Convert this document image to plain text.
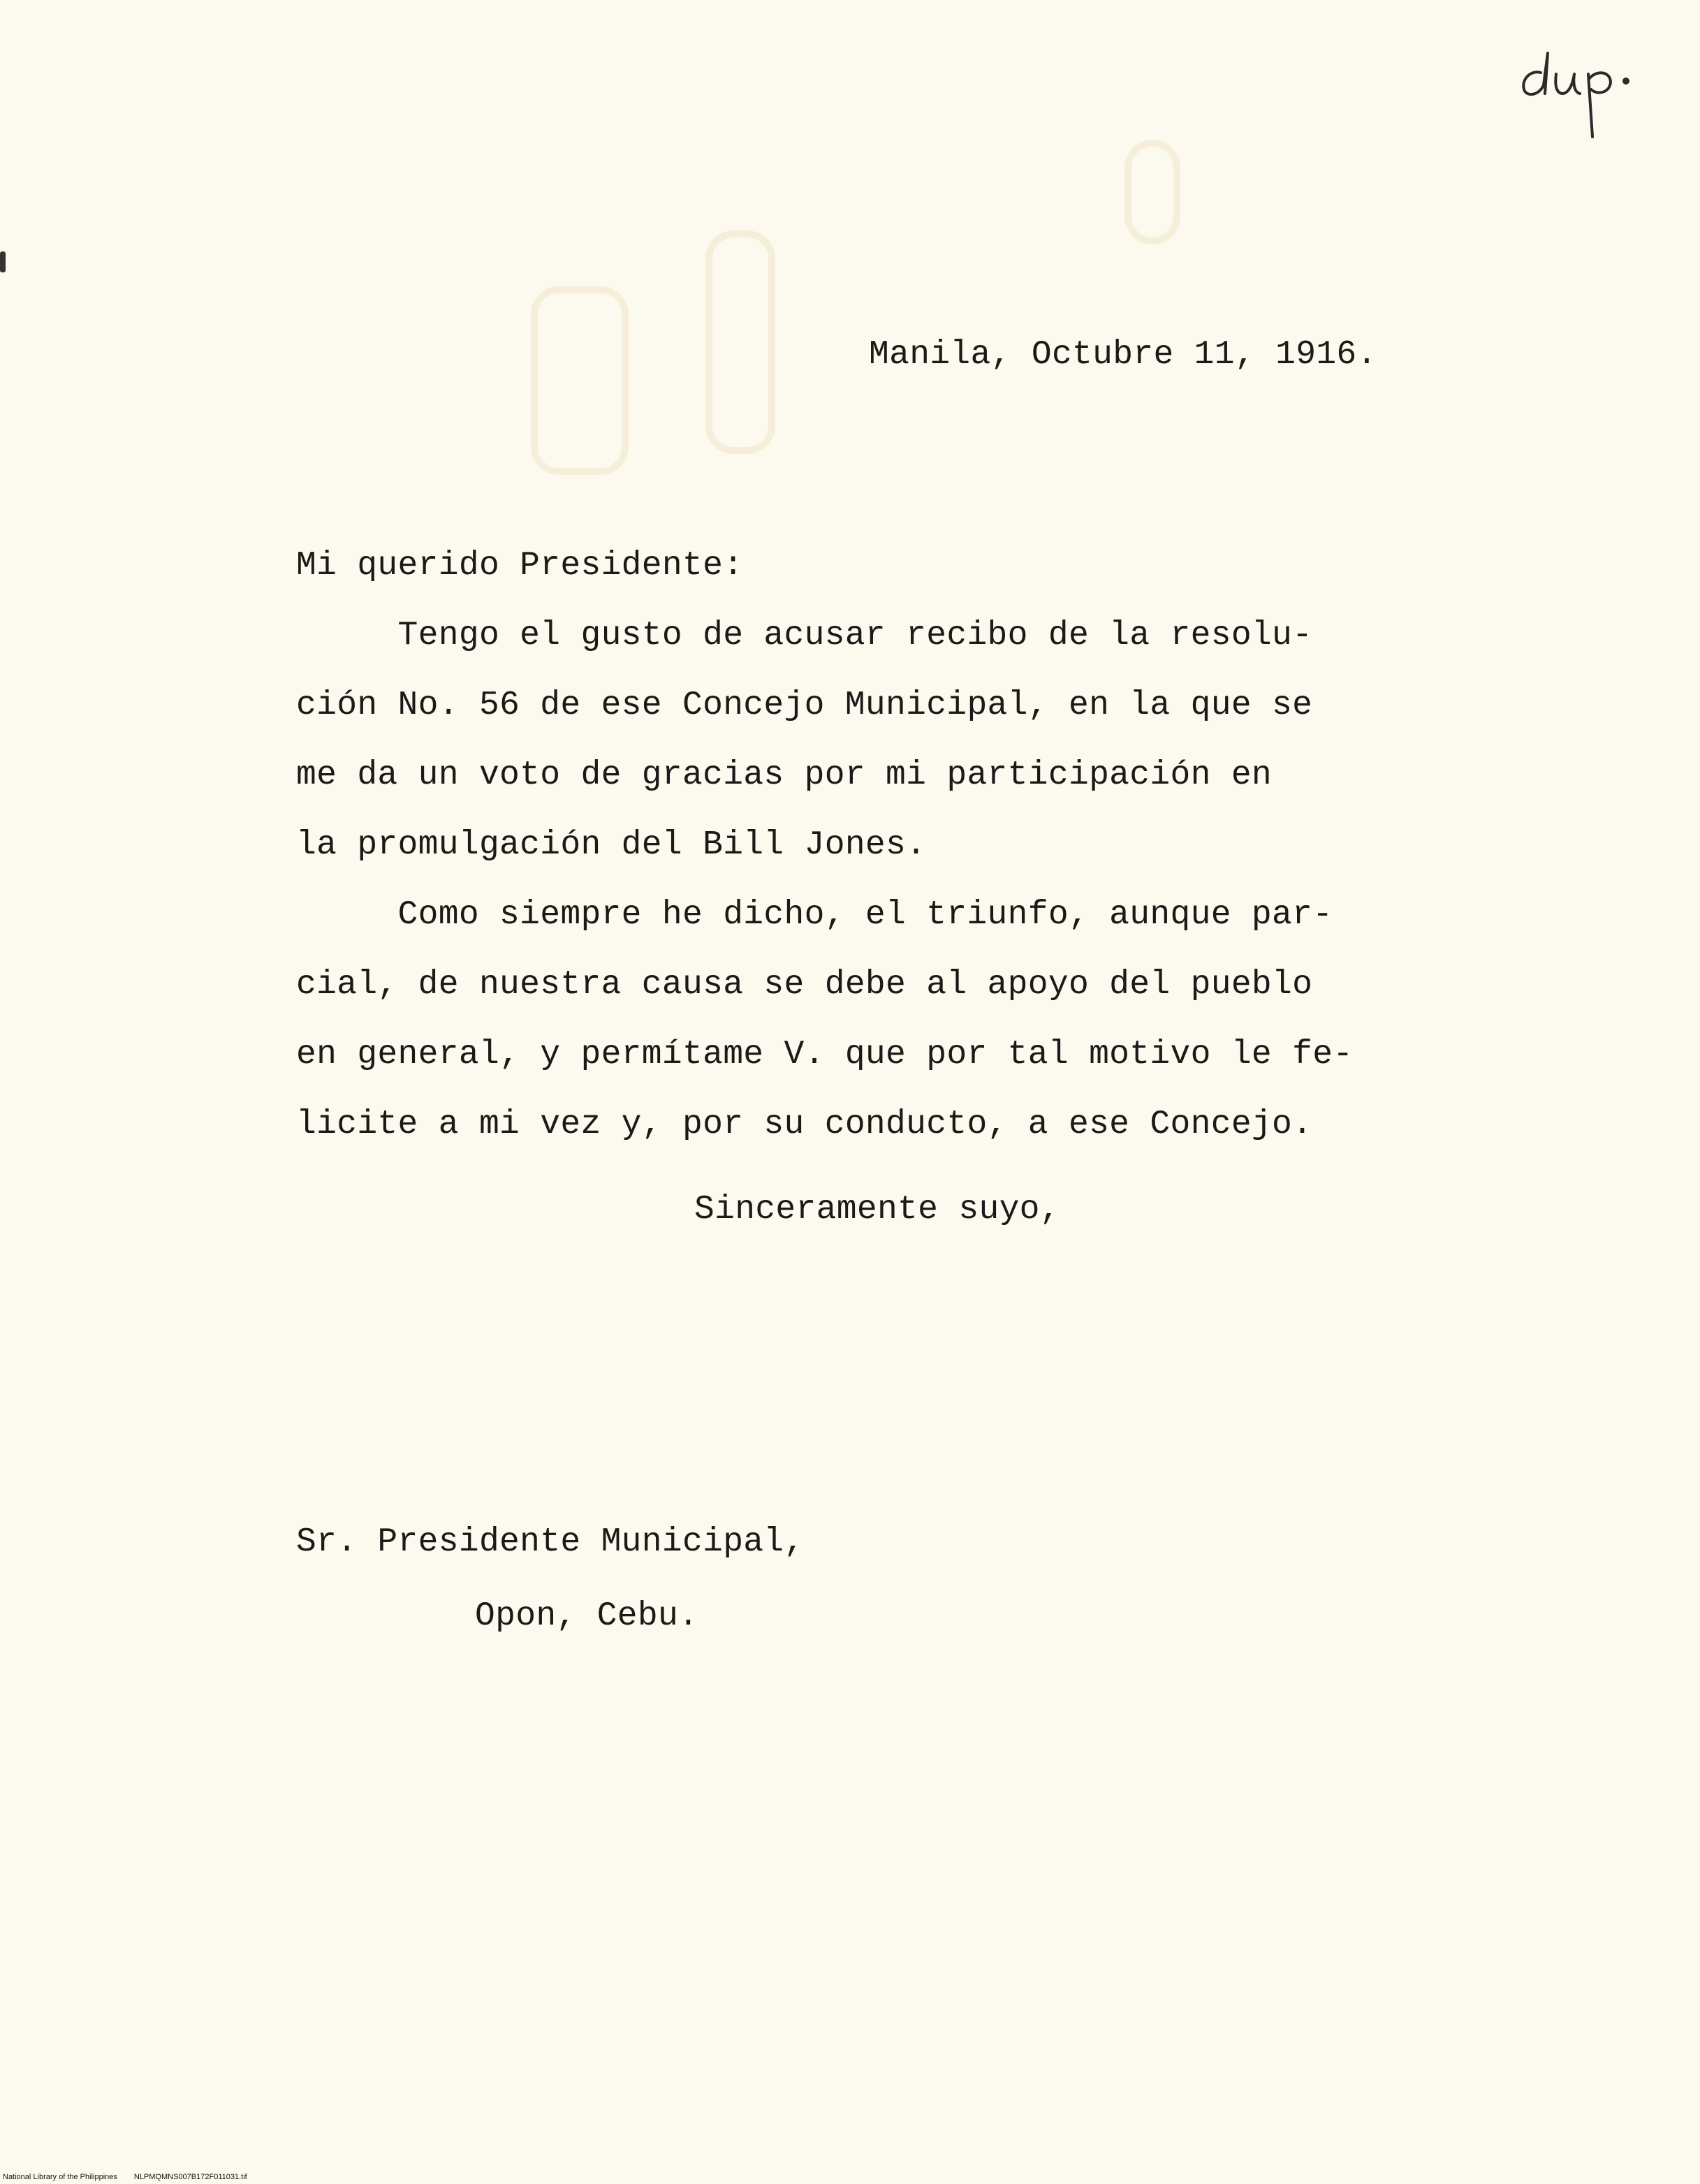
dup.

Manila, Octubre 11, 1916.

Mi querido Presidente:

Tengo el gusto de acusar recibo de la resolu-

ción No. 56 de ese Concejo Municipal, en la que se

me da un voto de gracias por mi participación en

la promulgación del Bill Jones.

Como siempre he dicho, el triunfo, aunque par-

cial, de nuestra causa se debe al apoyo del pueblo

en general, y permítame V. que por tal motivo le fe-

licite a mi vez y, por su conducto, a ese Concejo.

Sinceramente suyo,

Sr. Presidente Municipal,

Opon, Cebu.

National Library of the Philippines NLPMQMNS007B172F011031.tif
